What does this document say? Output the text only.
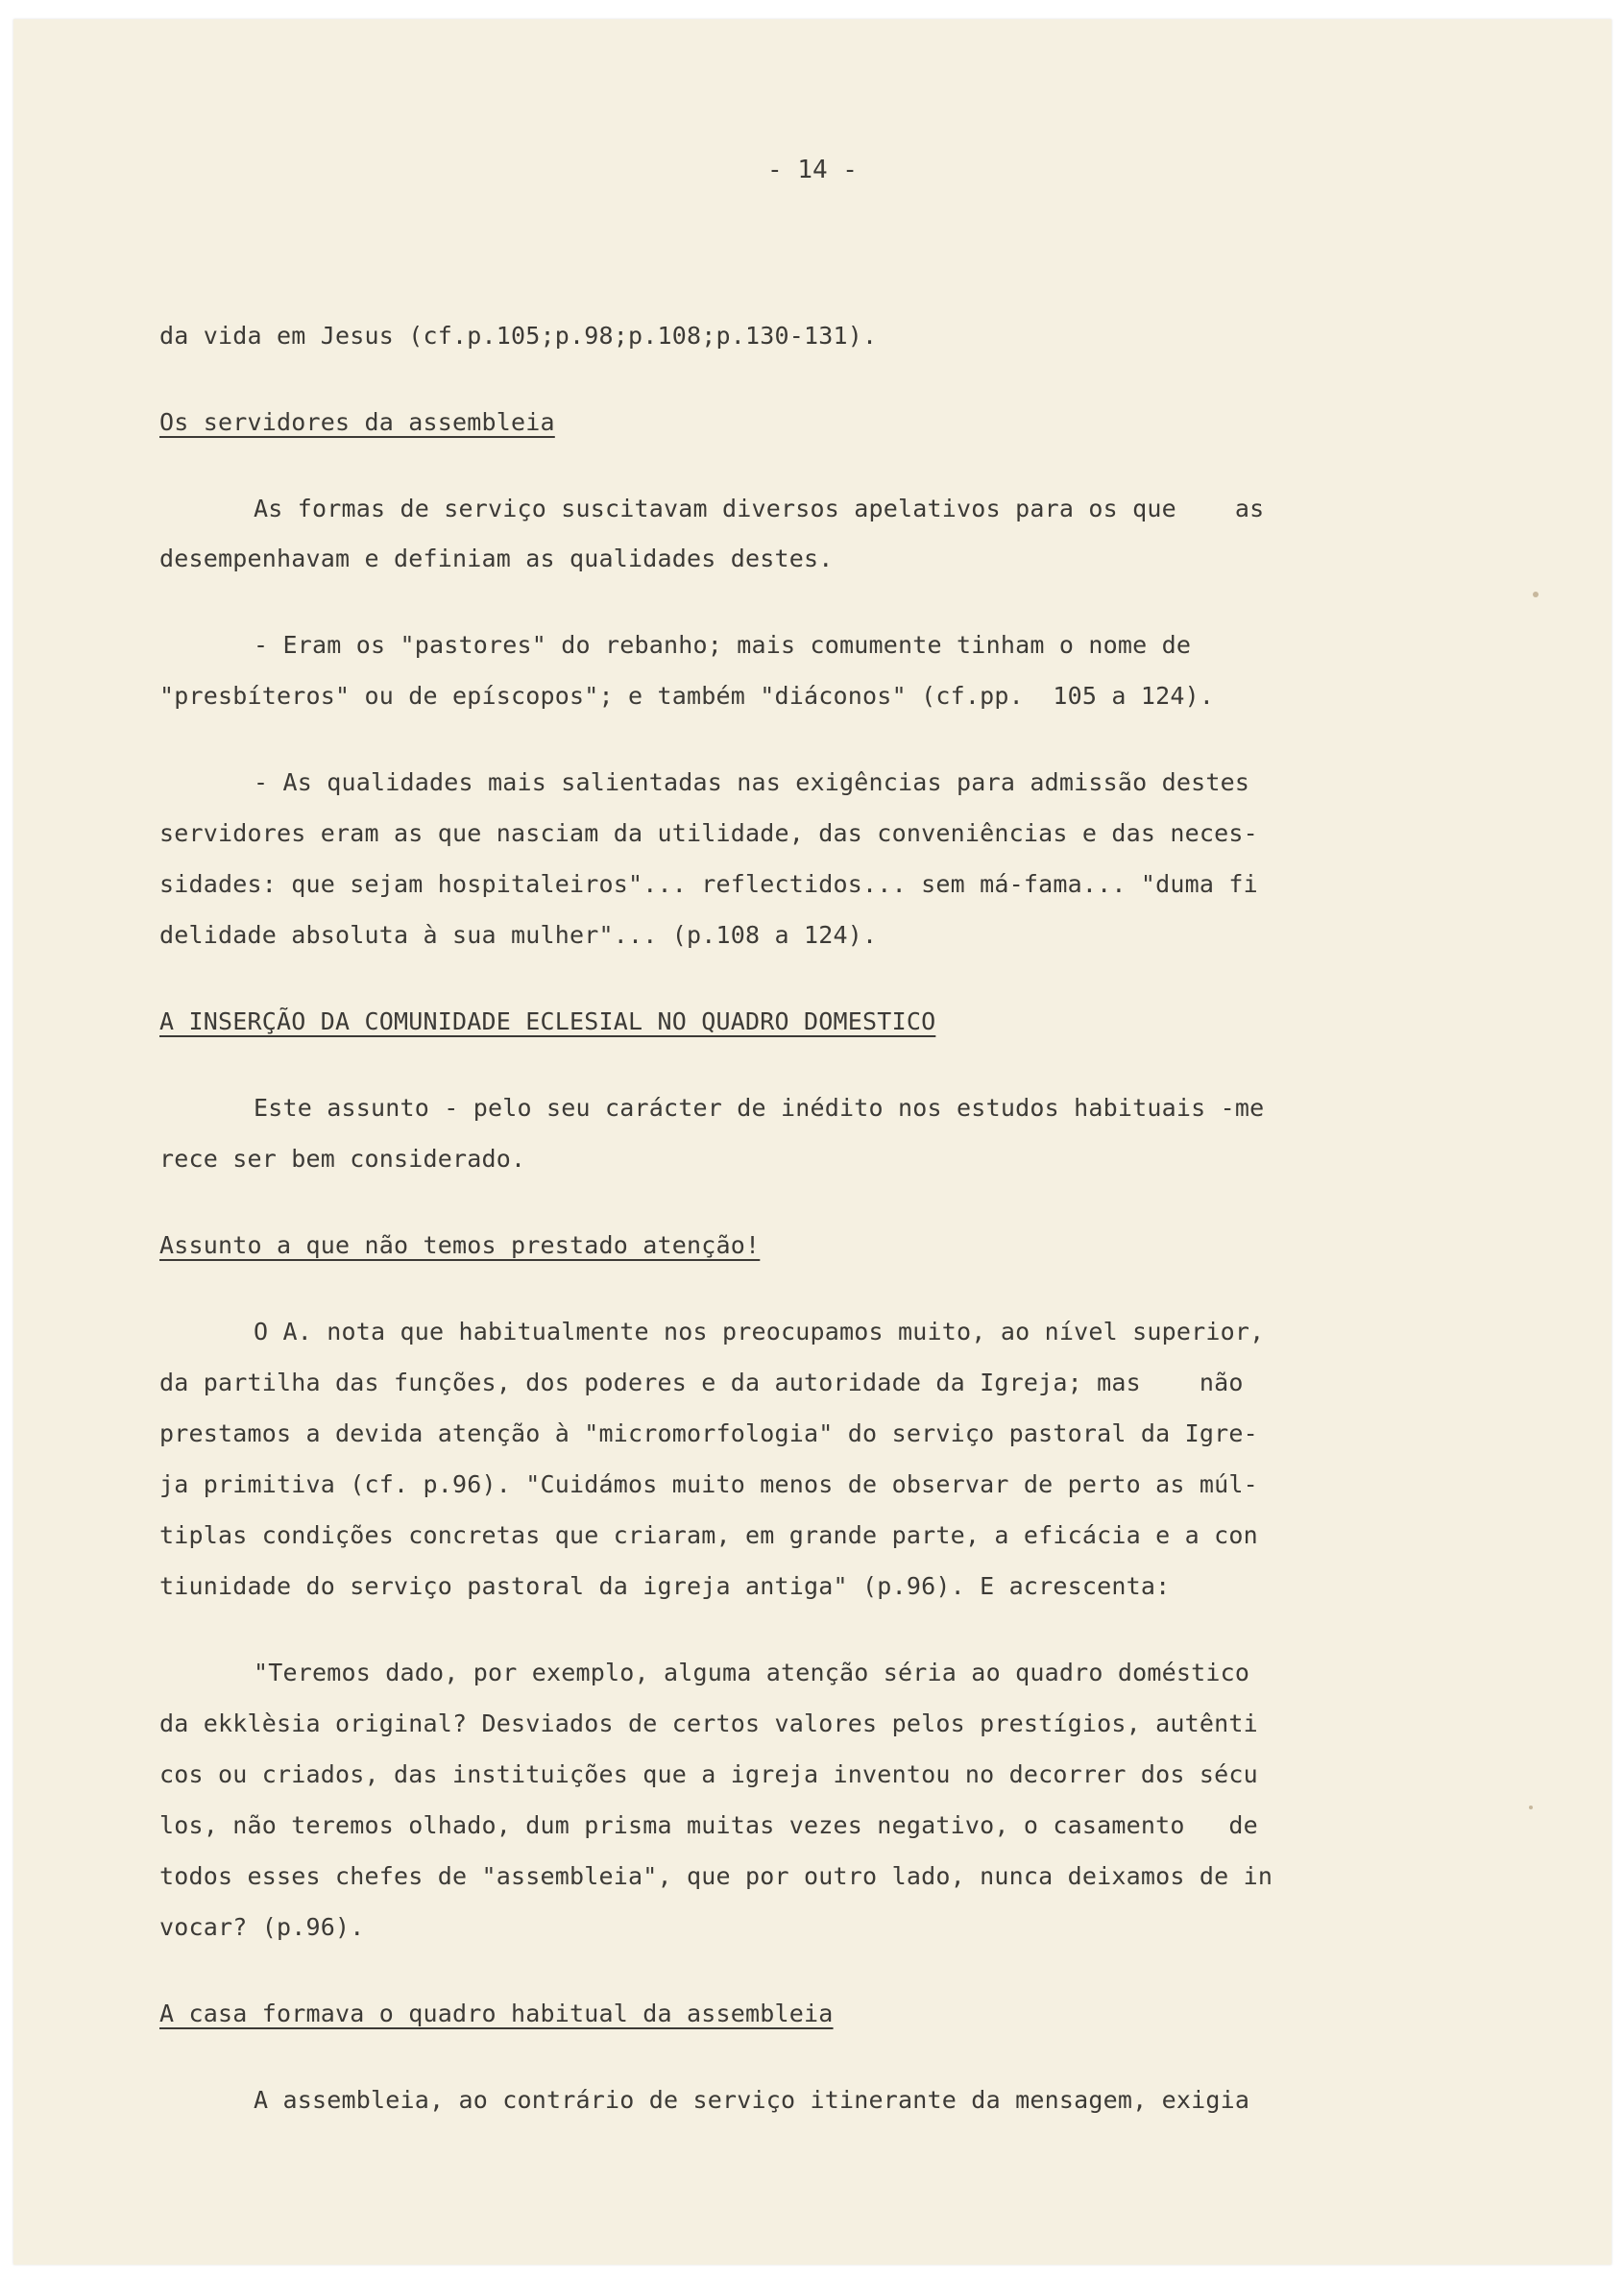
- 14 -
da vida em Jesus (cf.p.105;p.98;p.108;p.130-131).
Os servidores da assembleia
As formas de serviço suscitavam diversos apelativos para os que    as
desempenhavam e definiam as qualidades destes.
- Eram os "pastores" do rebanho; mais comumente tinham o nome de
"presbíteros" ou de epíscopos"; e também "diáconos" (cf.pp.  105 a 124).
- As qualidades mais salientadas nas exigências para admissão destes
servidores eram as que nasciam da utilidade, das conveniências e das neces-
sidades: que sejam hospitaleiros"... reflectidos... sem má-fama... "duma fi
delidade absoluta à sua mulher"... (p.108 a 124).
A INSERÇÃO DA COMUNIDADE ECLESIAL NO QUADRO DOMESTICO
Este assunto - pelo seu carácter de inédito nos estudos habituais -me
rece ser bem considerado.
Assunto a que não temos prestado atenção!
O A. nota que habitualmente nos preocupamos muito, ao nível superior,
da partilha das funções, dos poderes e da autoridade da Igreja; mas    não
prestamos a devida atenção à "micromorfologia" do serviço pastoral da Igre-
ja primitiva (cf. p.96). "Cuidámos muito menos de observar de perto as múl-
tiplas condições concretas que criaram, em grande parte, a eficácia e a con
tiunidade do serviço pastoral da igreja antiga" (p.96). E acrescenta:
"Teremos dado, por exemplo, alguma atenção séria ao quadro doméstico
da ekklèsia original? Desviados de certos valores pelos prestígios, autênti
cos ou criados, das instituições que a igreja inventou no decorrer dos sécu
los, não teremos olhado, dum prisma muitas vezes negativo, o casamento   de
todos esses chefes de "assembleia", que por outro lado, nunca deixamos de in
vocar? (p.96).
A casa formava o quadro habitual da assembleia
A assembleia, ao contrário de serviço itinerante da mensagem, exigia
